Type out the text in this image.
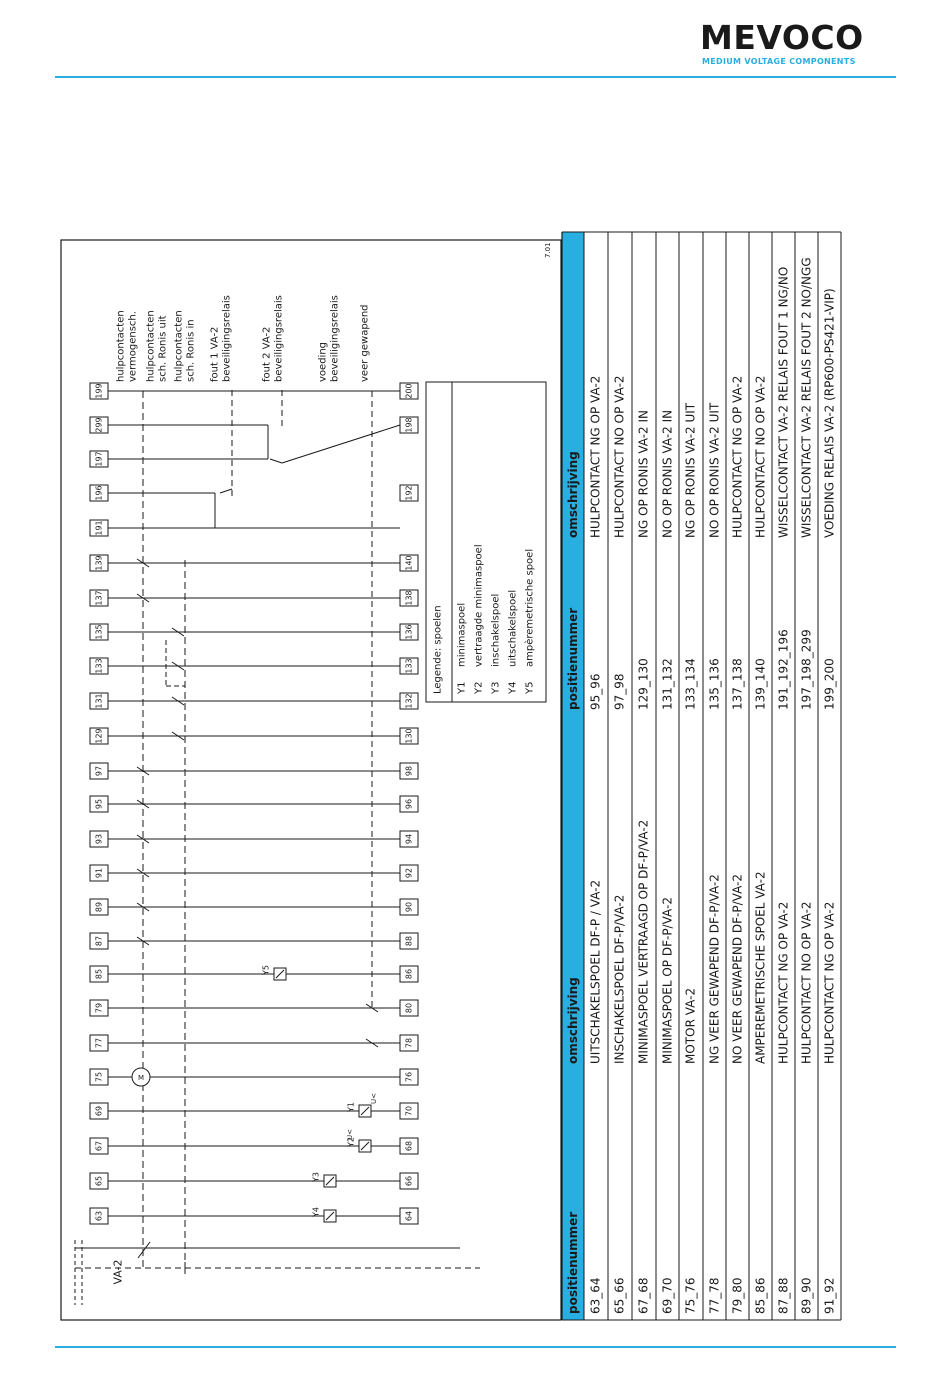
MEVOCO
MEDIUM VOLTAGE COMPONENTS
7.01
VA-2
63
65
67
69
75
77
79
85
87
89
91
93
95
97
129
131
133
135
137
139
191
196
197
299
199
64
66
68
70
76
78
80
86
88
90
92
94
96
98
130
132
133
136
138
140
192
198
200
Y4
Y3
Y2
Y1
Y5
U<
U<
M
hulpcontacten vermogensch. hulpcontacten sch. Ronis uit hulpcontacten sch. Ronis in fout 1 VA-2 beveiligingsrelais	fout 2 VA-2 beveiligingsrelais	voeding beveiligingsrelais veer gewapend
Legende: spoelen Y1
minimaspoel
Y2
vertraagde minimaspoel
Y3
inschakelspoel
Y4
uitschakelspoel
Y5
ampèremetrische spoel
positienummer
omschrijving
positienummer
omschrijving
63_64
UITSCHAKELSPOEL DF-P / VA-2
65_66
INSCHAKELSPOEL DF-P/VA-2
67_68
MINIMASPOEL VERTRAAGD OP DF-P/VA-2
69_70
MINIMASPOEL OP DF-P/VA-2
75_76
MOTOR VA-2
77_78
NG VEER GEWAPEND DF-P/VA-2
79_80
NO VEER GEWAPEND DF-P/VA-2
85_86
AMPEREMETRISCHE SPOEL VA-2
87_88
HULPCONTACT NG OP VA-2
89_90
HULPCONTACT NO OP VA-2
91_92
HULPCONTACT NG OP VA-2
95_96
HULPCONTACT NG OP VA-2
97_98
HULPCONTACT NO OP VA-2
129_130
NG OP RONIS VA-2 IN
131_132
NO OP RONIS VA-2 IN
133_134
NG OP RONIS VA-2 UIT
135_136
NO OP RONIS VA-2 UIT
137_138
HULPCONTACT NG OP VA-2
139_140
HULPCONTACT NO OP VA-2
191_192_196
WISSELCONTACT VA-2 RELAIS FOUT 1 NG/NO
197_198_299
WISSELCONTACT VA-2 RELAIS FOUT 2 NO/NGG
199_200
VOEDING RELAIS VA-2 (RP600-PS421-VIP)
